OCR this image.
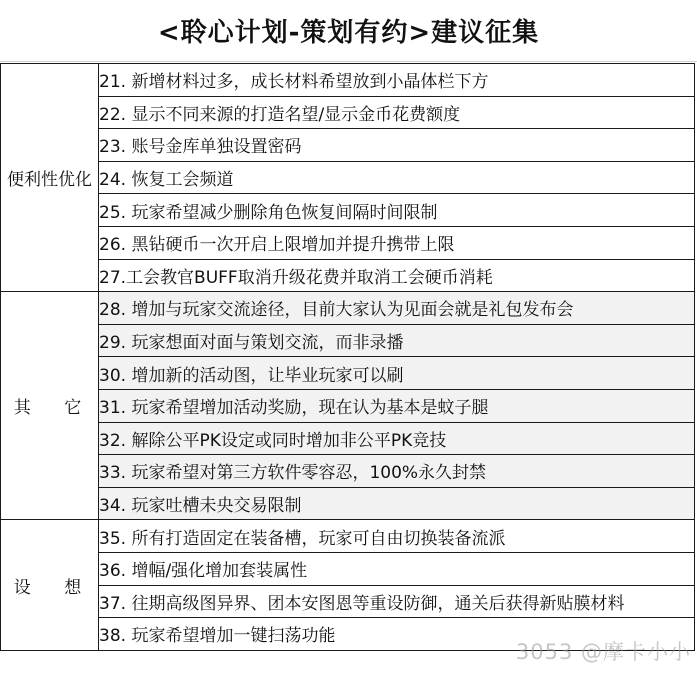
<聆心计划-策划有约>建议征集
便利性优化	21. 新增材料过多，成长材料希望放到小晶体栏下方
	22. 显示不同来源的打造名望/显示金币花费额度
	23. 账号金库单独设置密码
	24. 恢复工会频道
	25. 玩家希望减少删除角色恢复间隔时间限制
	26. 黑钻硬币一次开启上限增加并提升携带上限
	27.工会教官BUFF取消升级花费并取消工会硬币消耗
其 它	28. 增加与玩家交流途径，目前大家认为见面会就是礼包发布会
	29. 玩家想面对面与策划交流，而非录播
	30. 增加新的活动图，让毕业玩家可以刷
	31. 玩家希望增加活动奖励，现在认为基本是蚊子腿
	32. 解除公平PK设定或同时增加非公平PK竞技
	33. 玩家希望对第三方软件零容忍，100%永久封禁
	34. 玩家吐槽未央交易限制
设 想	35. 所有打造固定在装备槽，玩家可自由切换装备流派
	36. 增幅/强化增加套装属性
	37. 往期高级图异界、团本安图恩等重设防御，通关后获得新贴膜材料
	38. 玩家希望增加一键扫荡功能
3053 @摩卡小小
